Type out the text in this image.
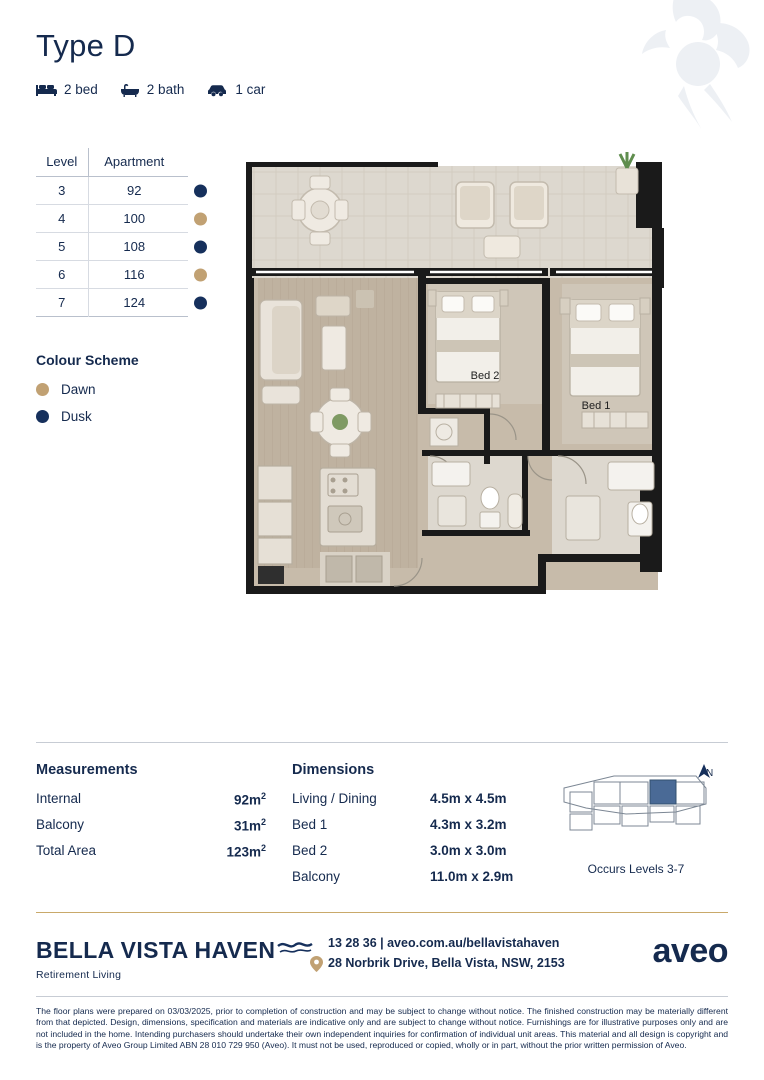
Type D
2 bed	2 bath	1 car
Level	Apartment	
3	92	

4	100	

5	108	

6	116	

7	124	
Colour Scheme
Dawn
Dusk
Bed 2
Bed 1
Measurements
Internal	$92m^2$
Balcony	$31m^2$
Total Area	$123m^2$
Dimensions
Living / Dining	4.5m x 4.5m
Bed 1	4.3m x 3.2m
Bed 2	3.0m x 3.0m
Balcony	11.0m x 2.9m
N
Occurs Levels 3-7
BELLA VISTA HAVEN
Retirement Living
13 28 36 | aveo.com.au/bellavistahaven
28 Norbrik Drive, Bella Vista, NSW, 2153	aveo
The floor plans were prepared on 03/03/2025, prior to completion of construction and may be subject to change without notice. The finished construction may be materially different from that depicted. Design, dimensions, specification and materials are indicative only and are subject to change without notice. Furnishings are for illustrative purposes only and are not included in the home. Intending purchasers should undertake their own independent inquiries for confirmation of individual unit areas. This material and all design is copyright and is the property of Aveo Group Limited ABN 28 010 729 950 (Aveo). It must not be used, reproduced or copied, wholly or in part, without the prior written permission of Aveo.
